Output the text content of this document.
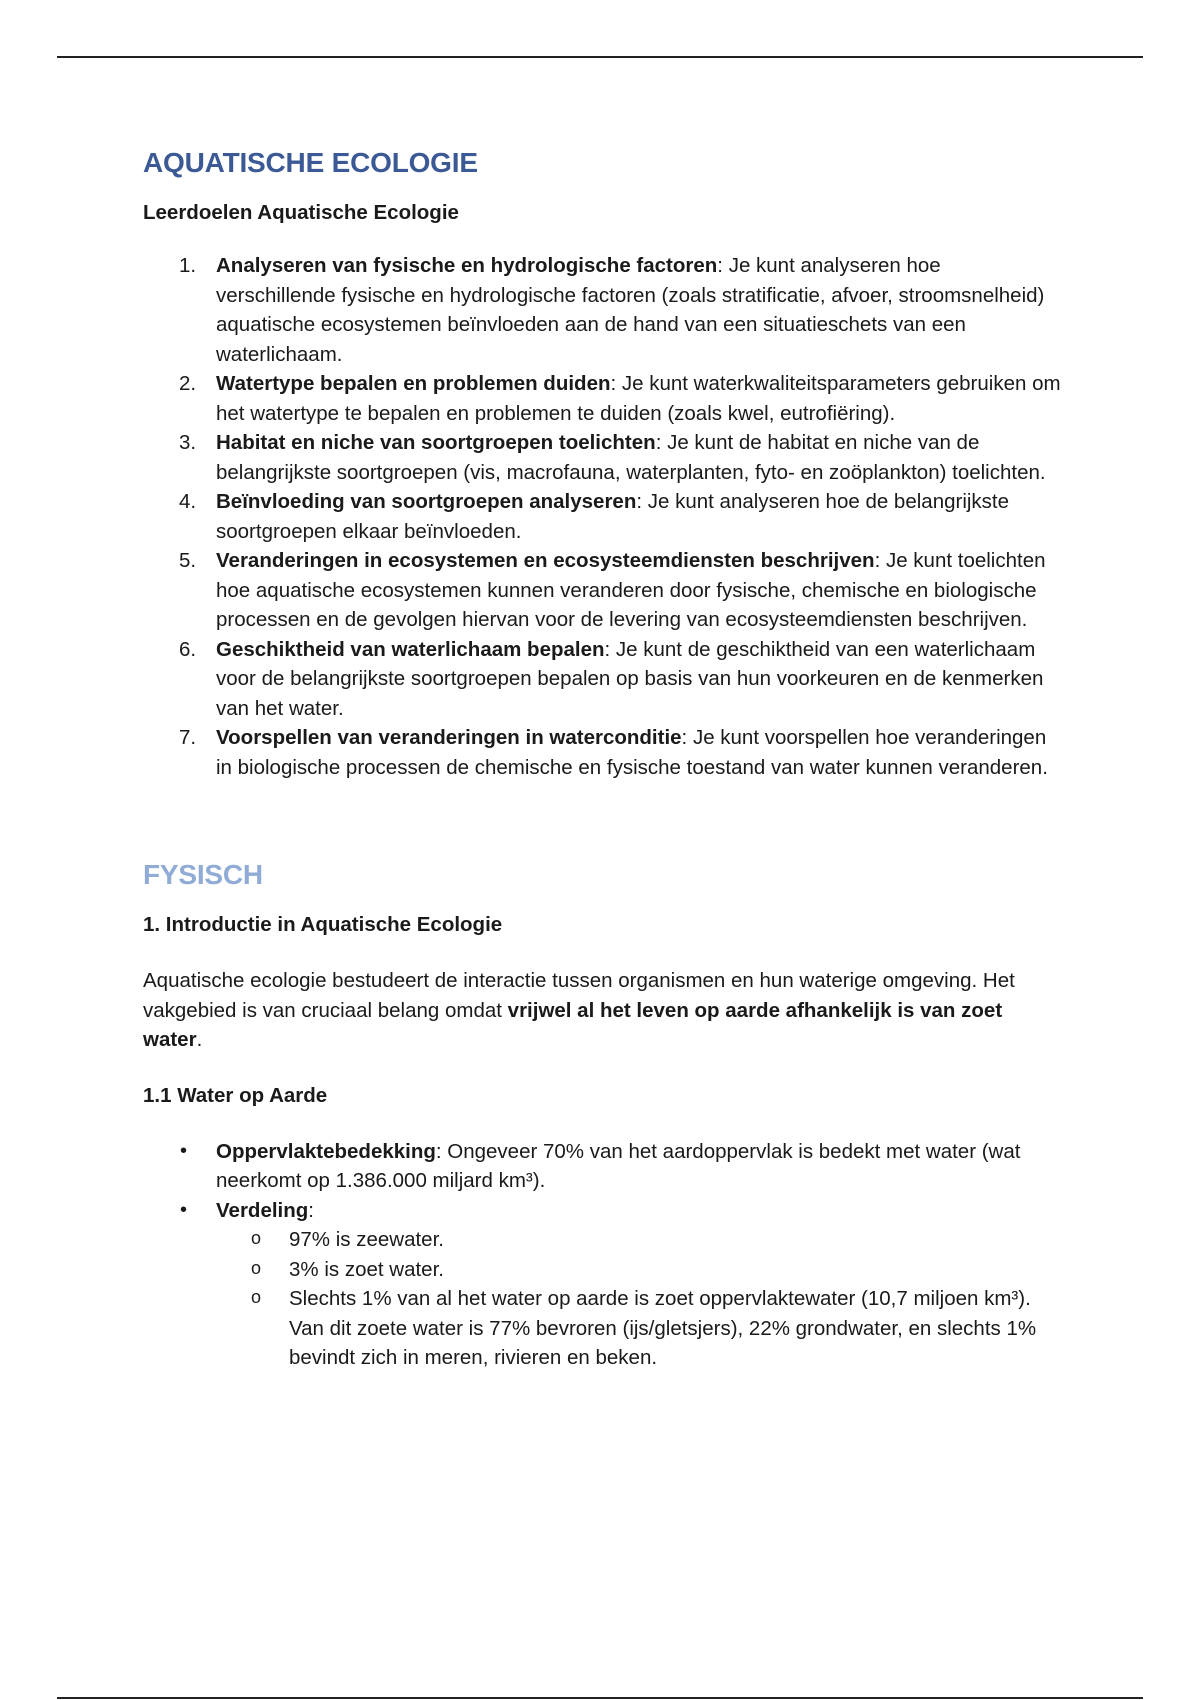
AQUATISCHE ECOLOGIE
Leerdoelen Aquatische Ecologie
1. Analyseren van fysische en hydrologische factoren: Je kunt analyseren hoe verschillende fysische en hydrologische factoren (zoals stratificatie, afvoer, stroomsnelheid) aquatische ecosystemen beïnvloeden aan de hand van een situatieschets van een waterlichaam.
2. Watertype bepalen en problemen duiden: Je kunt waterkwaliteitsparameters gebruiken om het watertype te bepalen en problemen te duiden (zoals kwel, eutrofiëring).
3. Habitat en niche van soortgroepen toelichten: Je kunt de habitat en niche van de belangrijkste soortgroepen (vis, macrofauna, waterplanten, fyto- en zoöplankton) toelichten.
4. Beïnvloeding van soortgroepen analyseren: Je kunt analyseren hoe de belangrijkste soortgroepen elkaar beïnvloeden.
5. Veranderingen in ecosystemen en ecosysteemdiensten beschrijven: Je kunt toelichten hoe aquatische ecosystemen kunnen veranderen door fysische, chemische en biologische processen en de gevolgen hiervan voor de levering van ecosysteemdiensten beschrijven.
6. Geschiktheid van waterlichaam bepalen: Je kunt de geschiktheid van een waterlichaam voor de belangrijkste soortgroepen bepalen op basis van hun voorkeuren en de kenmerken van het water.
7. Voorspellen van veranderingen in waterconditie: Je kunt voorspellen hoe veranderingen in biologische processen de chemische en fysische toestand van water kunnen veranderen.
FYSISCH
1. Introductie in Aquatische Ecologie

Aquatische ecologie bestudeert de interactie tussen organismen en hun waterige omgeving. Het vakgebied is van cruciaal belang omdat vrijwel al het leven op aarde afhankelijk is van zoet water.

1.1 Water op Aarde
• Oppervlaktebedekking: Ongeveer 70% van het aardoppervlak is bedekt met water (wat neerkomt op 1.386.000 miljard km³).
• Verdeling:
o 97% is zeewater.
o 3% is zoet water.
o Slechts 1% van al het water op aarde is zoet oppervlaktewater (10,7 miljoen km³). Van dit zoete water is 77% bevroren (ijs/gletsjers), 22% grondwater, en slechts 1% bevindt zich in meren, rivieren en beken.
